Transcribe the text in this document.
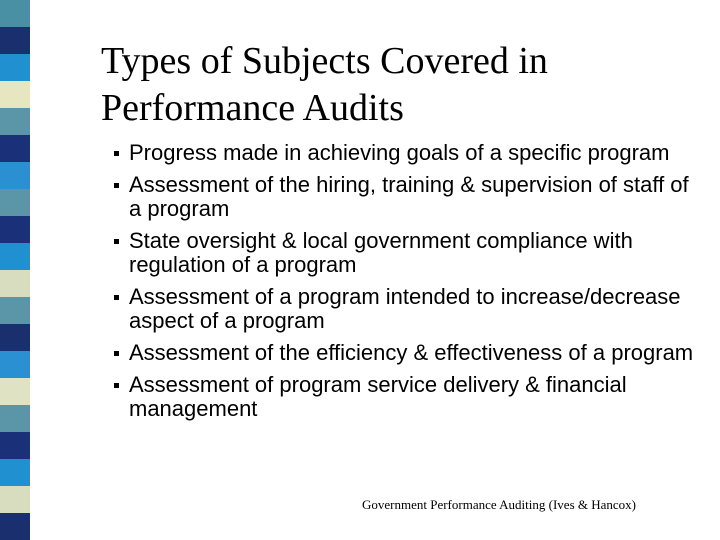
Types of Subjects Covered in
Performance Audits
Progress made in achieving goals of a specific program
Assessment of the hiring, training & supervision of staff of a program
State oversight & local government compliance with regulation of a program
Assessment of a program intended to increase/decrease aspect of a program
Assessment of the efficiency & effectiveness of a program
Assessment of program service delivery & financial management
Government Performance Auditing (Ives & Hancox)
